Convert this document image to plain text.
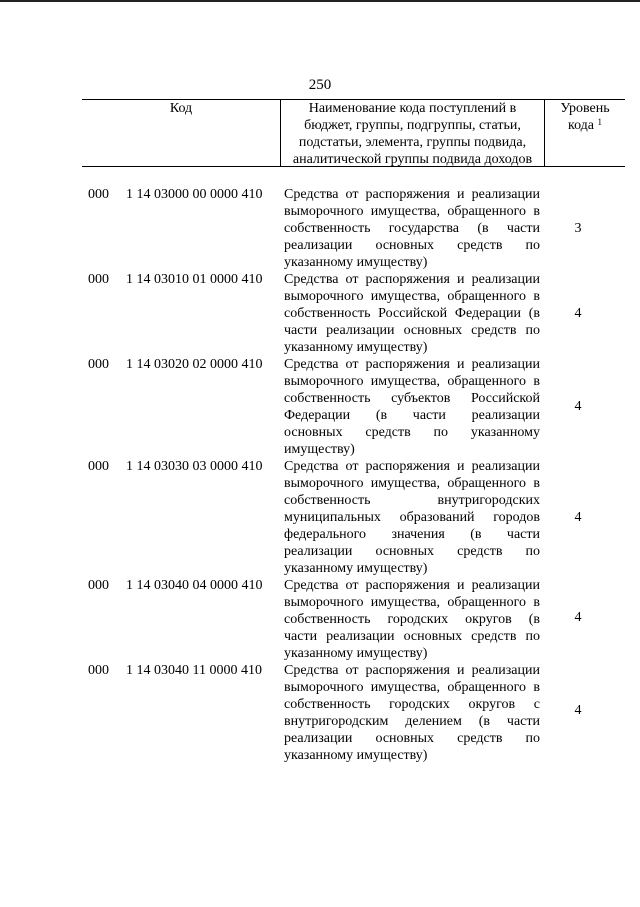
250
Код	Наименование кода поступлений в
бюджет, группы, подгруппы, статьи,
подстатьи, элемента, группы подвида,
аналитической группы подвида доходов
Уровень
кода $^1$
000 1 14 03000 00 0000 410 Средства от распоряжения и реализации
выморочного имущества, обращенного в
собственность государства (в части
реализации основных средств по
указанному имуществу)
3
000 1 14 03010 01 0000 410 Средства от распоряжения и реализации
выморочного имущества, обращенного в
собственность Российской Федерации (в
части реализации основных средств по
указанному имуществу)
4
000 1 14 03020 02 0000 410 Средства от распоряжения и реализации
выморочного имущества, обращенного в
собственность субъектов Российской
Федерации (в части реализации
основных средств по указанному
имуществу)
4
000 1 14 03030 03 0000 410 Средства от распоряжения и реализации
выморочного имущества, обращенного в
собственность внутригородских
муниципальных образований городов
федерального значения (в части
реализации основных средств по
указанному имуществу)
4
000 1 14 03040 04 0000 410 Средства от распоряжения и реализации
выморочного имущества, обращенного в
собственность городских округов (в
части реализации основных средств по
указанному имуществу)
4
000 1 14 03040 11 0000 410 Средства от распоряжения и реализации
выморочного имущества, обращенного в
собственность городских округов с
внутригородским делением (в части
реализации основных средств по
указанному имуществу)
4
